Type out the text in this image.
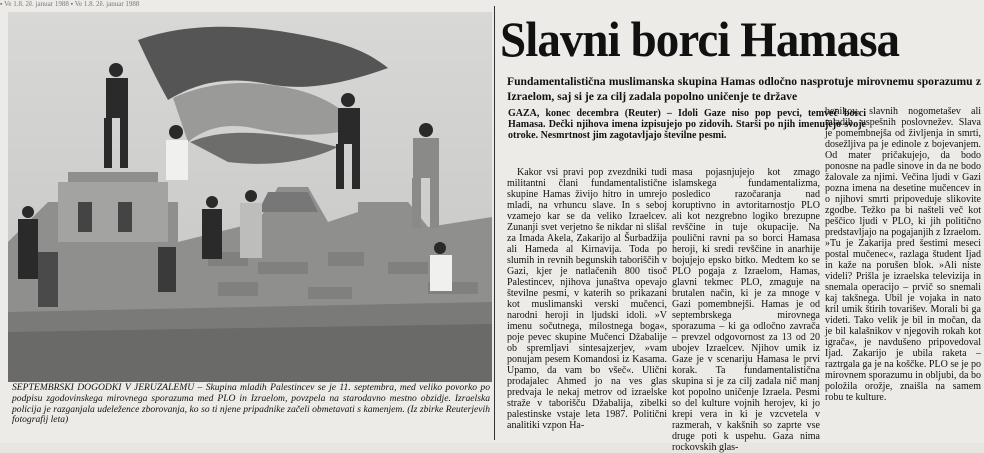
▪ Ve 1.8. 2ē. januar 1988 ▪ Ve 1.8. 2ē. januar 1988
SEPTEMBRSKI DOGODKI V JERUZALEMU – Skupina mladih Palestincev se je 11. septembra, med veliko povorko po podpisu zgodovinskega mirovnega sporazuma med PLO in Izraelom, povzpela na starodavno mestno obzidje. Izraelska policija je razganjala udeležence zborovanja, ko so ti njene pripadnike začeli obmetavati s kamenjem. (Iz zbirke Reuterjevih fotografij leta)
Slavni borci Hamasa
Fundamentalistična muslimanska skupina Hamas odločno nasprotuje mirovnemu sporazumu z Izraelom, saj si je za cilj zadala popolno uničenje te države
GAZA, konec decembra (Reuter) – Idoli Gaze niso pop pevci, temveč borci Hamasa. Dečki njihova imena izpisujejo po zidovih. Starši po njih imenujejo svoje otroke. Nesmrtnost jim zagotavljajo številne pesmi.

Kakor vsi pravi pop zvezdniki tudi militantni člani fundamentalistične skupine Hamas živijo hitro in umrejo mladi, na vrhuncu slave. In s seboj vzamejo kar se da veliko Izraelcev. Zunanji svet verjetno še nikdar ni slišal za Imada Akela, Zakarijo al Šurbadžija ali Hameda al Kirnavija. Toda po slumih in revnih begunskih taboriščih v Gazi, kjer je natlačenih 800 tisoč Palestincev, njihova junaštva opevajo številne pesmi, v katerih so prikazani kot muslimanski verski mučenci, narodni heroji in ljudski idoli. »V imenu sočutnega, milostnega boga«, poje pevec skupine Mučenci Džabalije ob spremljavi sintesajzerjev, »vam ponujam pesem Komandosi iz Kasama. Upamo, da vam bo všeč«. Ulični prodajalec Ahmed jo na ves glas predvaja le nekaj metrov od izraelske straže v taborišču Džabalija, zibelki palestinske vstaje leta 1987. Politični analitiki vzpon Ha-

masa pojasnjujejo kot zmago islamskega fundamentalizma, posledico razočaranja nad koruptivno in avtoritarnostjo PLO ali kot nezgrebno logiko brezupne revščine in tuje okupacije. Na poulični ravni pa so borci Hamasa heroji, ki sredi revščine in anarhije bojujejo epsko bitko. Medtem ko se PLO pogaja z Izraelom, Hamas, glavni tekmec PLO, zmaguje na brutalen način, ki je za mnoge v Gazi pomembnejši. Hamas je od septembrskega mirovnega sporazuma – ki ga odločno zavrača – prevzel odgovornost za 13 od 20 ubojev Izraelcev. Njihov umik iz Gaze je v scenariju Hamasa le prvi korak. Ta fundamentalistična skupina si je za cilj zadala nič manj kot popolno uničenje Izraela. Pesmi so del kulture vojnih herojev, ki jo krepi vera in ki je vzcvetela v razmerah, v kakšnih so zaprte vse druge poti k uspehu. Gaza nima rockovskih glas-

benikov, slavnih nogometašev ali mladih, uspešnih poslovnežev. Slava je pomembnejša od življenja in smrti, dosežljiva pa je edinole z bojevanjem. Od mater pričakujejo, da bodo ponosne na padle sinove in da ne bodo žalovale za njimi. Večina ljudi v Gazi pozna imena na desetine mučencev in o njihovi smrti pripoveduje slikovite zgodbe. Težko pa bi našteli več kot peščico ljudi v PLO, ki jih politično predstavljajo na pogajanjih z Izraelom. »Tu je Zakarija pred šestimi meseci postal mučenec«, razlaga študent Ijad in kaže na porušen blok. »Ali niste videli? Prišla je izraelska televizija in snemala operacijo – prvič so snemali kaj takšnega. Ubil je vojaka in nato kril umik štirih tovarišev. Morali bi ga videti. Tako velik je bil in močan, da je bil kalašnikov v njegovih rokah kot igrača«, je navdušeno pripovedoval Ijad. Zakarijo je ubila raketa – raztrgala ga je na koščke. PLO se je po mirovnem sporazumu in obljubi, da bo položila orožje, znaišla na samem robu te kulture.
